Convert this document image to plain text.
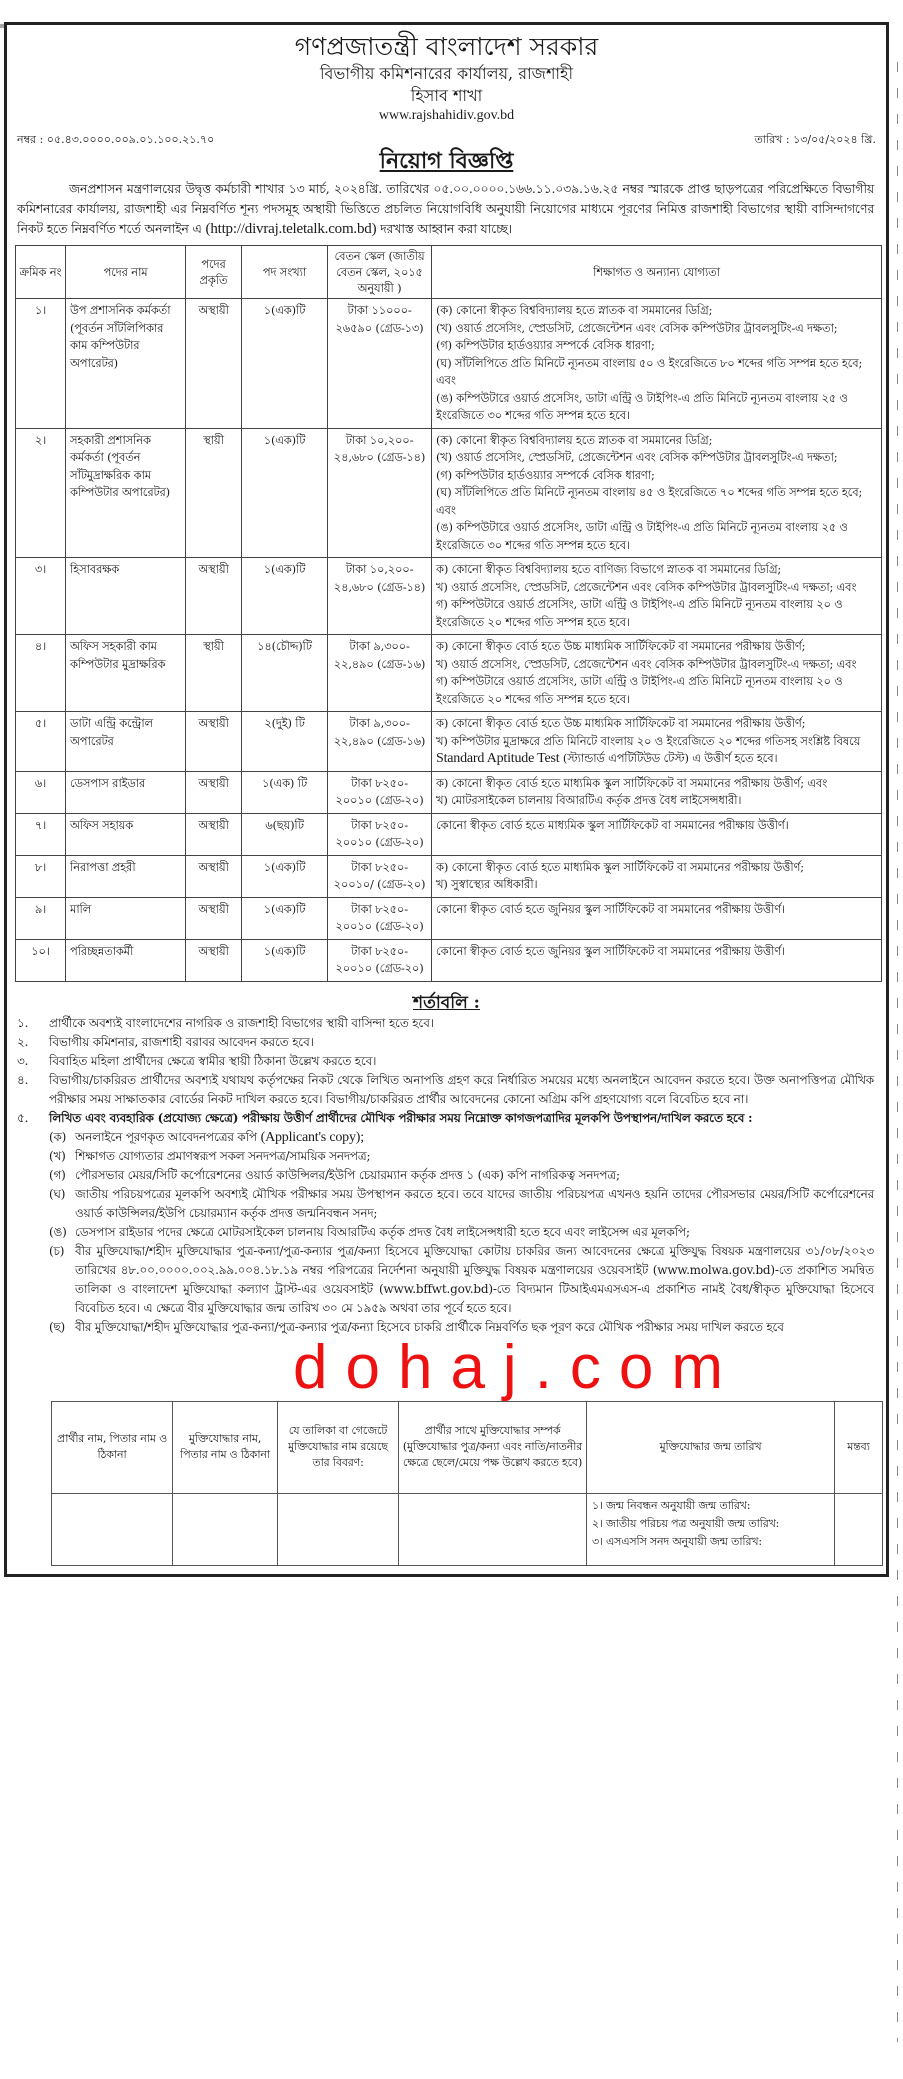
গণপ্রজাতন্ত্রী বাংলাদেশ সরকার
বিভাগীয় কমিশনারের কার্যালয়, রাজশাহী
হিসাব শাখা
www.rajshahidiv.gov.bd
নম্বর : ০৫.৪৩.০০০০.০০৯.০১.১০০.২১.৭০	তারিখ : ১৩/০৫/২০২৪ খ্রি.
নিয়োগ বিজ্ঞপ্তি

জনপ্রশাসন মন্ত্রণালয়ের উদ্বৃত্ত কর্মচারী শাখার ১৩ মার্চ, ২০২৪খ্রি. তারিখের ০৫.০০.০০০০.১৬৬.১১.০৩৯.১৬.২৫ নম্বর স্মারকে প্রাপ্ত ছাড়পত্রের পরিপ্রেক্ষিতে বিভাগীয় কমিশনারের কার্যালয়, রাজশাহী এর নিম্নবর্ণিত শূন্য পদসমূহ অস্থায়ী ভিত্তিতে প্রচলিত নিয়োগবিধি অনুযায়ী নিয়োগের মাধ্যমে পূরণের নিমিত্ত রাজশাহী বিভাগের স্থায়ী বাসিন্দাগণের নিকট হতে নিম্নবর্ণিত শর্তে অনলাইন এ (http://divraj.teletalk.com.bd) দরখাস্ত আহ্বান করা যাচ্ছে।

ক্রমিক নং	পদের নাম	পদের প্রকৃতি	পদ সংখ্যা	বেতন স্কেল (জাতীয় বেতন স্কেল, ২০১৫ অনুযায়ী )	শিক্ষাগত ও অন্যান্য যোগ্যতা
১।	উপ প্রশাসনিক কর্মকর্তা (পূবর্তন সাঁটলিপিকার কাম কম্পিউটার অপারেটর)	অস্থায়ী	১(এক)টি	টাকা ১১০০০- ২৬৫৯০ (গ্রেড-১৩)	(ক) কোনো স্বীকৃত বিশ্ববিদ্যালয় হতে স্নাতক বা সমমানের ডিগ্রি;
(খ) ওয়ার্ড প্রসেসিং, স্প্রেডসিট, প্রেজেন্টেশন এবং বেসিক কম্পিউটার ট্রাবলসুটিং-এ দক্ষতা;
(গ) কম্পিউটার হার্ডওয়্যার সম্পর্কে বেসিক ধারণা;
(ঘ) সাঁটলিপিতে প্রতি মিনিটে ন্যূনতম বাংলায় ৫০ ও ইংরেজিতে ৮০ শব্দের গতি সম্পন্ন হতে হবে; এবং
(ঙ) কম্পিউটারে ওয়ার্ড প্রসেসিং, ডাটা এন্ট্রি ও টাইপিং-এ প্রতি মিনিটে ন্যূনতম বাংলায় ২৫ ও ইংরেজিতে ৩০ শব্দের গতি সম্পন্ন হতে হবে।

২।	সহকারী প্রশাসনিক কর্মকর্তা (পূবর্তন সাঁটমুদ্রাক্ষরিক কাম কম্পিউটার অপারেটর)	স্থায়ী	১(এক)টি	টাকা ১০,২০০- ২৪,৬৮০ (গ্রেড-১৪)	(ক) কোনো স্বীকৃত বিশ্ববিদ্যালয় হতে স্নাতক বা সমমানের ডিগ্রি;
(খ) ওয়ার্ড প্রসেসিং, স্প্রেডসিট, প্রেজেন্টেশন এবং বেসিক কম্পিউটার ট্রাবলসুটিং-এ দক্ষতা;
(গ) কম্পিউটার হার্ডওয়্যার সম্পর্কে বেসিক ধারণা;
(ঘ) সাঁটলিপিতে প্রতি মিনিটে ন্যূনতম বাংলায় ৪৫ ও ইংরেজিতে ৭০ শব্দের গতি সম্পন্ন হতে হবে; এবং
(ঙ) কম্পিউটারে ওয়ার্ড প্রসেসিং, ডাটা এন্ট্রি ও টাইপিং-এ প্রতি মিনিটে ন্যূনতম বাংলায় ২৫ ও ইংরেজিতে ৩০ শব্দের গতি সম্পন্ন হতে হবে।

৩।	হিসাবরক্ষক	অস্থায়ী	১(এক)টি	টাকা ১০,২০০- ২৪,৬৮০ (গ্রেড-১৪)	ক) কোনো স্বীকৃত বিশ্ববিদ্যালয় হতে বাণিজ্য বিভাগে স্নাতক বা সমমানের ডিগ্রি;
খ) ওয়ার্ড প্রসেসিং, স্প্রেডসিট, প্রেজেন্টেশন এবং বেসিক কম্পিউটার ট্রাবলসুটিং-এ দক্ষতা; এবং
গ) কম্পিউটারে ওয়ার্ড প্রসেসিং, ডাটা এন্ট্রি ও টাইপিং-এ প্রতি মিনিটে ন্যূনতম বাংলায় ২০ ও ইংরেজিতে ২০ শব্দের গতি সম্পন্ন হতে হবে।

৪।	অফিস সহকারী কাম কম্পিউটার মুদ্রাক্ষরিক	স্থায়ী	১৪(চৌদ্দ)টি	টাকা ৯,৩০০- ২২,৪৯০ (গ্রেড-১৬)	ক) কোনো স্বীকৃত বোর্ড হতে উচ্চ মাধ্যমিক সার্টিফিকেট বা সমমানের পরীক্ষায় উত্তীর্ণ;
খ) ওয়ার্ড প্রসেসিং, স্প্রেডসিট, প্রেজেন্টেশন এবং বেসিক কম্পিউটার ট্রাবলসুটিং-এ দক্ষতা; এবং
গ) কম্পিউটারে ওয়ার্ড প্রসেসিং, ডাটা এন্ট্রি ও টাইপিং-এ প্রতি মিনিটে ন্যূনতম বাংলায় ২০ ও ইংরেজিতে ২০ শব্দের গতি সম্পন্ন হতে হবে।

৫।	ডাটা এন্ট্রি কন্ট্রোল অপারেটর	অস্থায়ী	২(দুই) টি	টাকা ৯,৩০০- ২২,৪৯০ (গ্রেড-১৬)	ক) কোনো স্বীকৃত বোর্ড হতে উচ্চ মাধ্যমিক সার্টিফিকেট বা সমমানের পরীক্ষায় উত্তীর্ণ;
খ) কম্পিউটার মুদ্রাক্ষরে প্রতি মিনিটে বাংলায় ২০ ও ইংরেজিতে ২০ শব্দের গতিসহ সংশ্লিষ্ট বিষয়ে Standard Aptitude Test (স্ট্যান্ডার্ড এপটিটিউড টেস্ট) এ উত্তীর্ণ হতে হবে।

৬।	ডেসপাস রাইডার	অস্থায়ী	১(এক) টি	টাকা ৮২৫০- ২০০১০ (গ্রেড-২০)	ক) কোনো স্বীকৃত বোর্ড হতে মাধ্যমিক স্কুল সার্টিফিকেট বা সমমানের পরীক্ষায় উত্তীর্ণ; এবং
খ) মোটরসাইকেল চালনায় বিআরটিএ কর্তৃক প্রদত্ত বৈধ লাইসেন্সধারী।

৭।	অফিস সহায়ক	অস্থায়ী	৬(ছয়)টি	টাকা ৮২৫০- ২০০১০ (গ্রেড-২০)	কোনো স্বীকৃত বোর্ড হতে মাধ্যমিক স্কুল সার্টিফিকেট বা সমমানের পরীক্ষায় উত্তীর্ণ।

৮।	নিরাপত্তা প্রহরী	অস্থায়ী	১(এক)টি	টাকা ৮২৫০- ২০০১০/ (গ্রেড-২০)	ক) কোনো স্বীকৃত বোর্ড হতে মাধ্যমিক স্কুল সার্টিফিকেট বা সমমানের পরীক্ষায় উত্তীর্ণ;
খ) সুস্বাস্থ্যের অধিকারী।

৯।	মালি	অস্থায়ী	১(এক)টি	টাকা ৮২৫০- ২০০১০ (গ্রেড-২০)	কোনো স্বীকৃত বোর্ড হতে জুনিয়র স্কুল সার্টিফিকেট বা সমমানের পরীক্ষায় উত্তীর্ণ।

১০।	পরিচ্ছন্নতাকর্মী	অস্থায়ী	১(এক)টি	টাকা ৮২৫০- ২০০১০ (গ্রেড-২০)	কোনো স্বীকৃত বোর্ড হতে জুনিয়র স্কুল সার্টিফিকেট বা সমমানের পরীক্ষায় উত্তীর্ণ।
শর্তাবলি :
১.	প্রার্থীকে অবশ্যই বাংলাদেশের নাগরিক ও রাজশাহী বিভাগের স্থায়ী বাসিন্দা হতে হবে।
২.	বিভাগীয় কমিশনার, রাজশাহী বরাবর আবেদন করতে হবে।
৩.	বিবাহিত মহিলা প্রার্থীদের ক্ষেত্রে স্বামীর স্থায়ী ঠিকানা উল্লেখ করতে হবে।
৪.	বিভাগীয়/চাকরিরত প্রার্থীদের অবশ্যই যথাযথ কর্তৃপক্ষের নিকট থেকে লিখিত অনাপত্তি গ্রহণ করে নির্ধারিত সময়ের মধ্যে অনলাইনে আবেদন করতে হবে। উক্ত অনাপত্তিপত্র মৌখিক পরীক্ষার সময় সাক্ষাতকার বোর্ডের নিকট দাখিল করতে হবে। বিভাগীয়/চাকরিরত প্রার্থীর আবেদনের কোনো অগ্রিম কপি গ্রহণযোগ্য বলে বিবেচিত হবে না।
৫.	লিখিত এবং ব্যবহারিক (প্রযোজ্য ক্ষেত্রে) পরীক্ষায় উত্তীর্ণ প্রার্থীদের মৌখিক পরীক্ষার সময় নিম্নোক্ত কাগজপত্রাদির মূলকপি উপস্থাপন/দাখিল করতে হবে :
(ক) অনলাইনে পূরণকৃত আবেদনপত্রের কপি (Applicant's copy);
(খ) শিক্ষাগত যোগ্যতার প্রমাণস্বরূপ সকল সনদপত্র/সাময়িক সনদপত্র;
(গ) পৌরসভার মেয়র/সিটি কর্পোরেশনের ওয়ার্ড কাউন্সিলর/ইউপি চেয়ারম্যান কর্তৃক প্রদত্ত ১ (এক) কপি নাগরিকত্ব সনদপত্র;
(ঘ) জাতীয় পরিচয়পত্রের মূলকপি অবশ্যই মৌখিক পরীক্ষার সময় উপস্থাপন করতে হবে। তবে যাদের জাতীয় পরিচয়পত্র এখনও হয়নি তাদের পৌরসভার মেয়র/সিটি কর্পোরেশনের ওয়ার্ড কাউন্সিলর/ইউপি চেয়ারম্যান কর্তৃক প্রদত্ত জন্মনিবন্ধন সনদ;
(ঙ) ডেসপাস রাইডার পদের ক্ষেত্রে মোটরসাইকেল চালনায় বিআরটিএ কর্তৃক প্রদত্ত বৈধ লাইসেন্সধারী হতে হবে এবং লাইসেন্স এর মূলকপি;
(চ) বীর মুক্তিযোদ্ধা/শহীদ মুক্তিযোদ্ধার পুত্র-কন্যা/পুত্র-কন্যার পুত্র/কন্যা হিসেবে মুক্তিযোদ্ধা কোটায় চাকরির জন্য আবেদনের ক্ষেত্রে মুক্তিযুদ্ধ বিষয়ক মন্ত্রণালয়ের ৩১/০৮/২০২৩ তারিখের ৪৮.০০.০০০০.০০২.৯৯.০০৪.১৮.১৯ নম্বর পরিপত্রের নির্দেশনা অনুযায়ী মুক্তিযুদ্ধ বিষয়ক মন্ত্রণালয়ের ওয়েবসাইট (www.molwa.gov.bd)-তে প্রকাশিত সমন্বিত তালিকা ও বাংলাদেশ মুক্তিযোদ্ধা কল্যাণ ট্রাস্ট-এর ওয়েবসাইট (www.bffwt.gov.bd)-তে বিদ্যমান টিআইএমএসএস-এ প্রকাশিত নামই বৈধ/স্বীকৃত মুক্তিযোদ্ধা হিসেবে বিবেচিত হবে। এ ক্ষেত্রে বীর মুক্তিযোদ্ধার জন্ম তারিখ ৩০ মে ১৯৫৯ অথবা তার পূর্বে হতে হবে।
(ছ) বীর মুক্তিযোদ্ধা/শহীদ মুক্তিযোদ্ধার পুত্র-কন্যা/পুত্র-কন্যার পুত্র/কন্যা হিসেবে চাকরি প্রার্থীকে নিম্নবর্ণিত ছক পূরণ করে মৌখিক পরীক্ষার সময় দাখিল করতে হবে
dohaj.com
প্রার্থীর নাম, পিতার নাম ও ঠিকানা	মুক্তিযোদ্ধার নাম, পিতার নাম ও ঠিকানা	যে তালিকা বা গেজেটে মুক্তিযোদ্ধার নাম রয়েছে তার বিবরণ:	প্রার্থীর সাথে মুক্তিযোদ্ধার সম্পর্ক (মুক্তিযোদ্ধার পুত্র/কন্যা এবং নাতি/নাতনীর ক্ষেত্রে ছেলে/মেয়ে পক্ষ উল্লেখ করতে হবে)	মুক্তিযোদ্ধার জন্ম তারিখ	মন্তব্য

				১। জন্ম নিবন্ধন অনুযায়ী জন্ম তারিখ:
২। জাতীয় পরিচয় পত্র অনুযায়ী জন্ম তারিখ:
৩। এসএসসি সনদ অনুযায়ী জন্ম তারিখ:	
